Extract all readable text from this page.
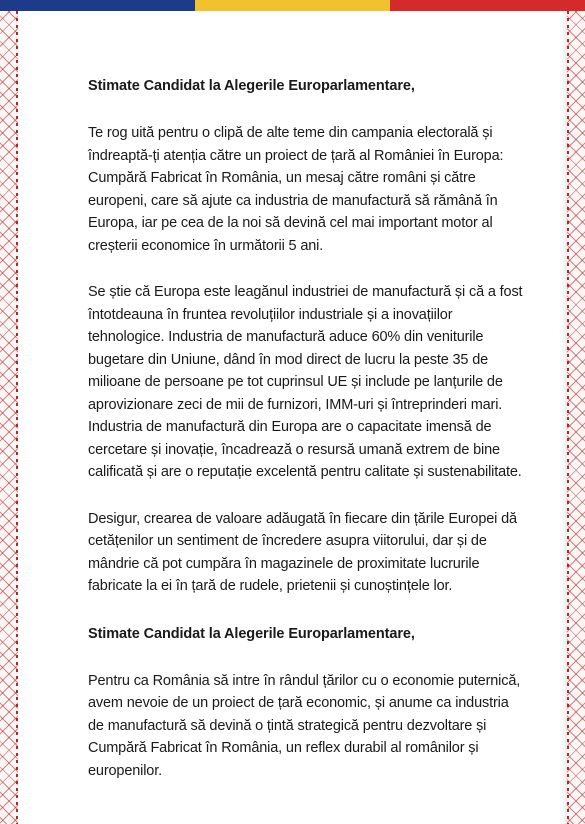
Stimate Candidat la Alegerile Europarlamentare,

Te rog uită pentru o clipă de alte teme din campania electorală și îndreaptă-ți atenția către un proiect de țară al României în Europa: Cumpără Fabricat în România, un mesaj către români și către europeni, care să ajute ca industria de manufactură să rămână în Europa, iar pe cea de la noi să devină cel mai important motor al creșterii economice în următorii 5 ani.

Se știe că Europa este leagănul industriei de manufactură și că a fost întotdeauna în fruntea revoluțiilor industriale și a inovațiilor tehnologice. Industria de manufactură aduce 60% din veniturile bugetare din Uniune, dând în mod direct de lucru la peste 35 de milioane de persoane pe tot cuprinsul UE și include pe lanțurile de aprovizionare zeci de mii de furnizori, IMM-uri și întreprinderi mari. Industria de manufactură din Europa are o capacitate imensă de cercetare și inovație, încadrează o resursă umană extrem de bine calificată și are o reputație excelentă pentru calitate și sustenabilitate.

Desigur, crearea de valoare adăugată în fiecare din țările Europei dă cetățenilor un sentiment de încredere asupra viitorului, dar și de mândrie că pot cumpăra în magazinele de proximitate lucrurile fabricate la ei în țară de rudele, prietenii și cunoștințele lor.

Stimate Candidat la Alegerile Europarlamentare,

Pentru ca România să intre în rândul țărilor cu o economie puternică, avem nevoie de un proiect de țară economic, și anume ca industria de manufactură să devină o țintă strategică pentru dezvoltare și Cumpără Fabricat în România, un reflex durabil al românilor și europenilor.
